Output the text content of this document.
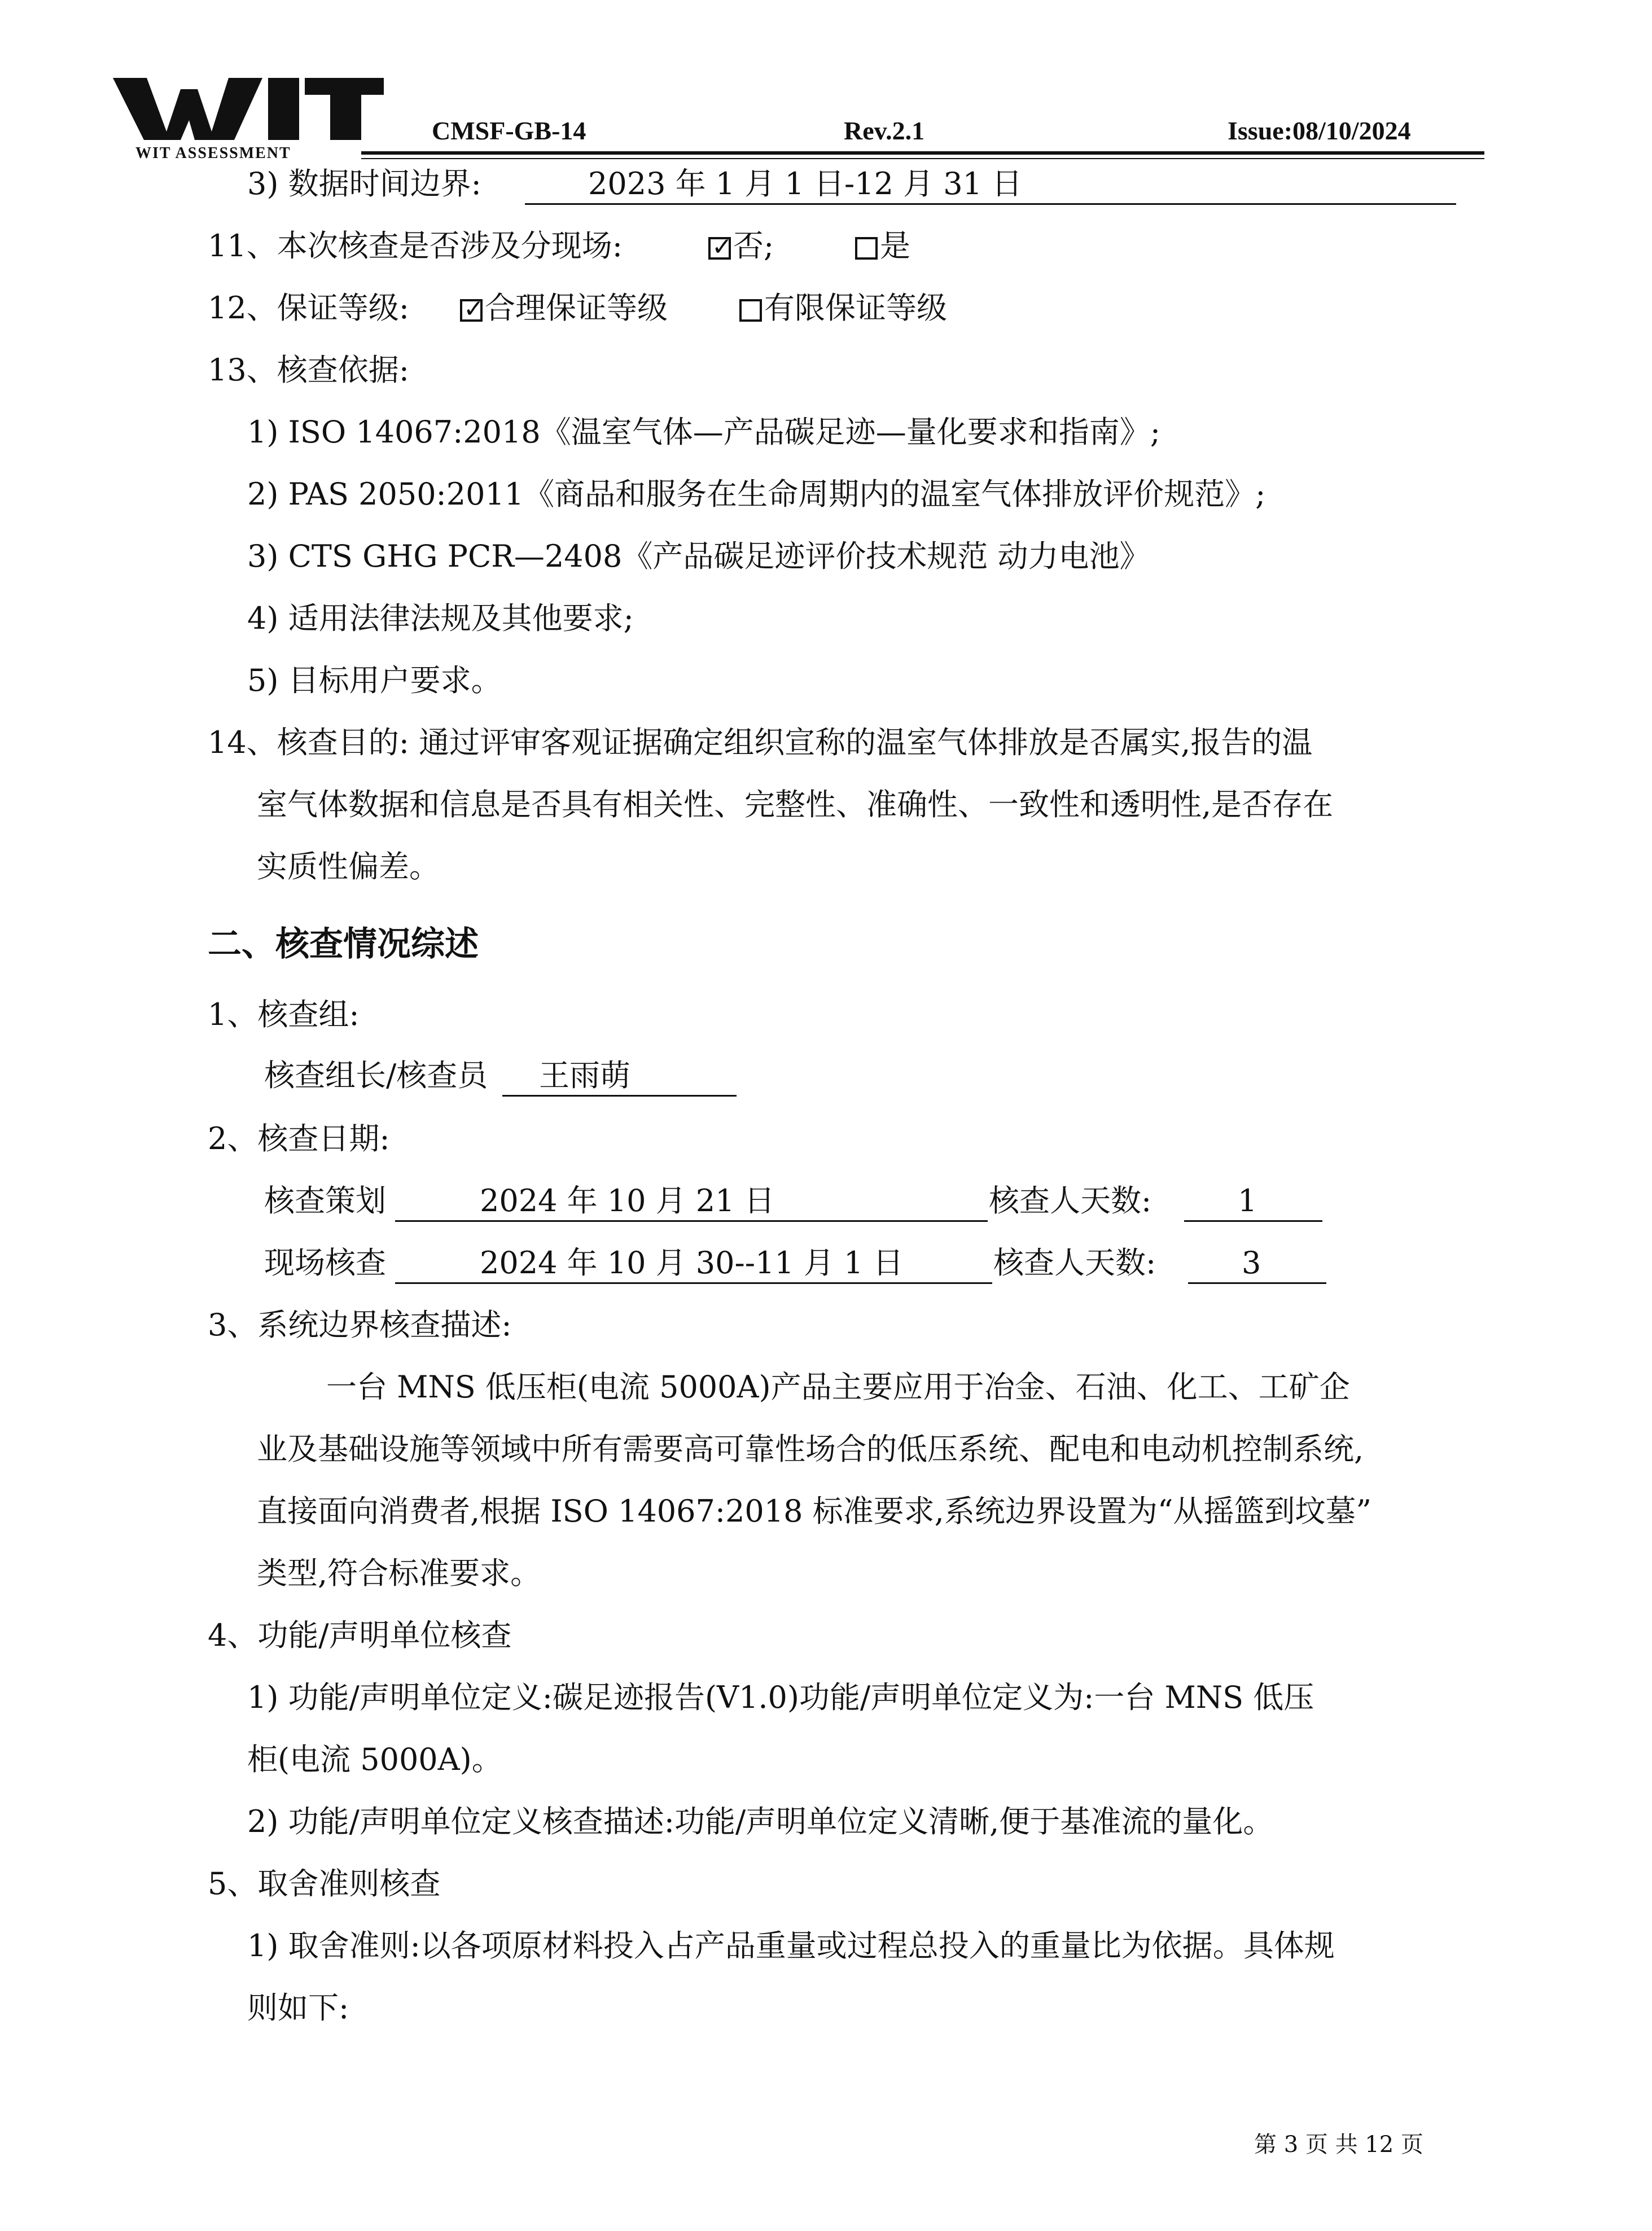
WIT ASSESSMENT
CMSF-GB-14	Rev.2.1	Issue:08/10/2024
3) 数据时间边界:	2023 年 1 月 1 日-12 月 31 日
11、本次核查是否涉及分现场:	✓ 否;	是
12、保证等级: ✓ 合理保证等级	有限保证等级
13、核查依据:
1) ISO 14067:2018《温室气体—产品碳足迹—量化要求和指南》;
2) PAS 2050:2011《商品和服务在生命周期内的温室气体排放评价规范》;
3) CTS GHG PCR—2408《产品碳足迹评价技术规范 动力电池》
4) 适用法律法规及其他要求;
5) 目标用户要求。
14、核查目的: 通过评审客观证据确定组织宣称的温室气体排放是否属实,报告的温
室气体数据和信息是否具有相关性、完整性、准确性、一致性和透明性,是否存在
实质性偏差。
二、核查情况综述
1、核查组:
核查组长/核查员 王雨萌
2、核查日期:
核查策划	2024 年 10 月 21 日	核查人天数:	1
现场核查	2024 年 10 月 30--11 月 1 日	核查人天数:	3
3、系统边界核查描述:
一台 MNS 低压柜(电流 5000A)产品主要应用于冶金、石油、化工、工矿企
业及基础设施等领域中所有需要高可靠性场合的低压系统、配电和电动机控制系统,
直接面向消费者,根据 ISO 14067:2018 标准要求,系统边界设置为“从摇篮到坟墓”
类型,符合标准要求。
4、功能/声明单位核查
1) 功能/声明单位定义:碳足迹报告(V1.0)功能/声明单位定义为:一台 MNS 低压
柜(电流 5000A)。
2) 功能/声明单位定义核查描述:功能/声明单位定义清晰,便于基准流的量化。
5、取舍准则核查
1) 取舍准则:以各项原材料投入占产品重量或过程总投入的重量比为依据。具体规
则如下:
第 3 页 共 12 页
